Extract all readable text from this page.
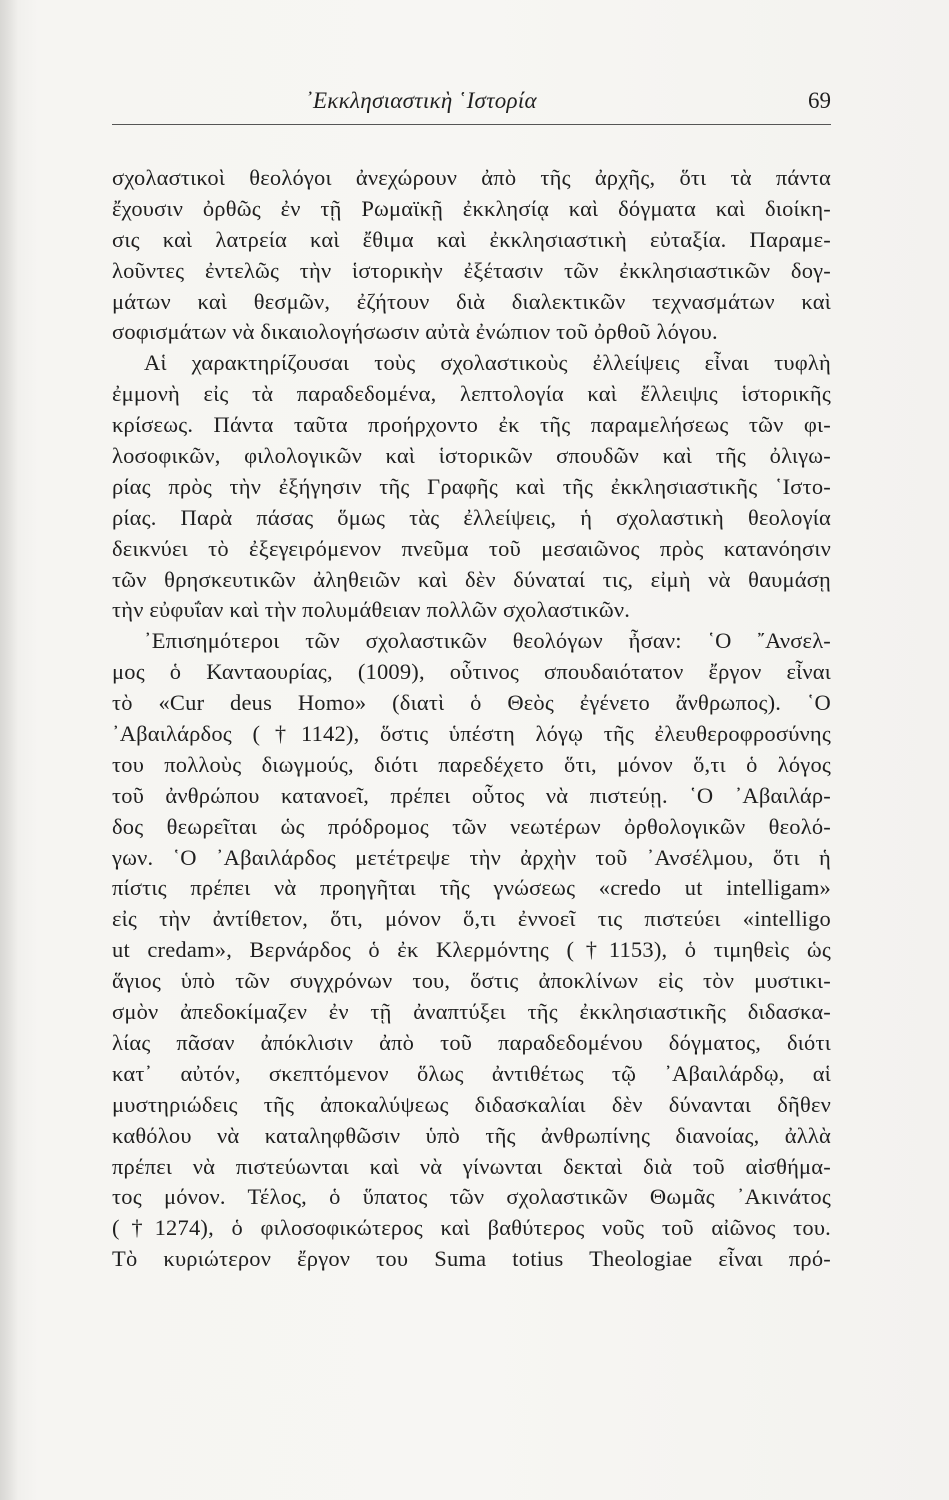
᾿Εκκλησιαστικὴ ῾Ιστορία	69
σχολαστικοὶ θεολόγοι ἀνεχώρουν ἀπὸ τῆς ἀρχῆς, ὅτι τὰ πάντα
ἔχουσιν ὀρθῶς ἐν τῇ Ρωμαϊκῇ ἐκκλησίᾳ καὶ δόγματα καὶ διοίκη-
σις καὶ λατρεία καὶ ἔθιμα καὶ ἐκκλησιαστικὴ εὐταξία. Παραμε-
λοῦντες ἐντελῶς τὴν ἱστορικὴν ἐξέτασιν τῶν ἐκκλησιαστικῶν δογ-
μάτων καὶ θεσμῶν, ἐζήτουν διὰ διαλεκτικῶν τεχνασμάτων καὶ
σοφισμάτων νὰ δικαιολογήσωσιν αὐτὰ ἐνώπιον τοῦ ὀρθοῦ λόγου.
Αἱ χαρακτηρίζουσαι τοὺς σχολαστικοὺς ἐλλείψεις εἶναι τυφλὴ
ἐμμονὴ εἰς τὰ παραδεδομένα, λεπτολογία καὶ ἔλλειψις ἱστορικῆς
κρίσεως. Πάντα ταῦτα προήρχοντο ἐκ τῆς παραμελήσεως τῶν φι-
λοσοφικῶν, φιλολογικῶν καὶ ἱστορικῶν σπουδῶν καὶ τῆς ὀλιγω-
ρίας πρὸς τὴν ἐξήγησιν τῆς Γραφῆς καὶ τῆς ἐκκλησιαστικῆς ῾Ιστο-
ρίας. Παρὰ πάσας ὅμως τὰς ἐλλείψεις, ἡ σχολαστικὴ θεολογία
δεικνύει τὸ ἐξεγειρόμενον πνεῦμα τοῦ μεσαιῶνος πρὸς κατανόησιν
τῶν θρησκευτικῶν ἀληθειῶν καὶ δὲν δύναταί τις, εἰμὴ νὰ θαυμάσῃ
τὴν εὐφυΐαν καὶ τὴν πολυμάθειαν πολλῶν σχολαστικῶν.
᾿Επισημότεροι τῶν σχολαστικῶν θεολόγων ἦσαν: ῾Ο ῎Ανσελ-
μος ὁ Κανταουρίας, (1009), οὗτινος σπουδαιότατον ἔργον εἶναι
τὸ «Cur deus Homo» (διατὶ ὁ Θεὸς ἐγένετο ἄνθρωπος). ῾Ο
᾿Αβαιλάρδος (†1142), ὅστις ὑπέστη λόγῳ τῆς ἐλευθεροφροσύνης
του πολλοὺς διωγμούς, διότι παρεδέχετο ὅτι, μόνον ὅ,τι ὁ λόγος
τοῦ ἀνθρώπου κατανοεῖ, πρέπει οὗτος νὰ πιστεύῃ. ῾Ο ᾿Αβαιλάρ-
δος θεωρεῖται ὡς πρόδρομος τῶν νεωτέρων ὀρθολογικῶν θεολό-
γων. ῾Ο ᾿Αβαιλάρδος μετέτρεψε τὴν ἀρχὴν τοῦ ᾿Ανσέλμου, ὅτι ἡ
πίστις πρέπει νὰ προηγῆται τῆς γνώσεως «credo ut intelligam»
εἰς τὴν ἀντίθετον, ὅτι, μόνον ὅ,τι ἐννοεῖ τις πιστεύει «intelligo
ut credam», Βερνάρδος ὁ ἐκ Κλερμόντης (†1153), ὁ τιμηθεὶς ὡς
ἅγιος ὑπὸ τῶν συγχρόνων του, ὅστις ἀποκλίνων εἰς τὸν μυστικι-
σμὸν ἀπεδοκίμαζεν ἐν τῇ ἀναπτύξει τῆς ἐκκλησιαστικῆς διδασκα-
λίας πᾶσαν ἀπόκλισιν ἀπὸ τοῦ παραδεδομένου δόγματος, διότι
κατ᾿ αὐτόν, σκεπτόμενον ὅλως ἀντιθέτως τῷ ᾿Αβαιλάρδῳ, αἱ
μυστηριώδεις τῆς ἀποκαλύψεως διδασκαλίαι δὲν δύνανται δῆθεν
καθόλου νὰ καταληφθῶσιν ὑπὸ τῆς ἀνθρωπίνης διανοίας, ἀλλὰ
πρέπει νὰ πιστεύωνται καὶ νὰ γίνωνται δεκταὶ διὰ τοῦ αἰσθήμα-
τος μόνον. Τέλος, ὁ ὕπατος τῶν σχολαστικῶν Θωμᾶς ᾿Ακινάτος
(†1274), ὁ φιλοσοφικώτερος καὶ βαθύτερος νοῦς τοῦ αἰῶνος του.
Τὸ κυριώτερον ἔργον του Suma totius Theologiae εἶναι πρό-
